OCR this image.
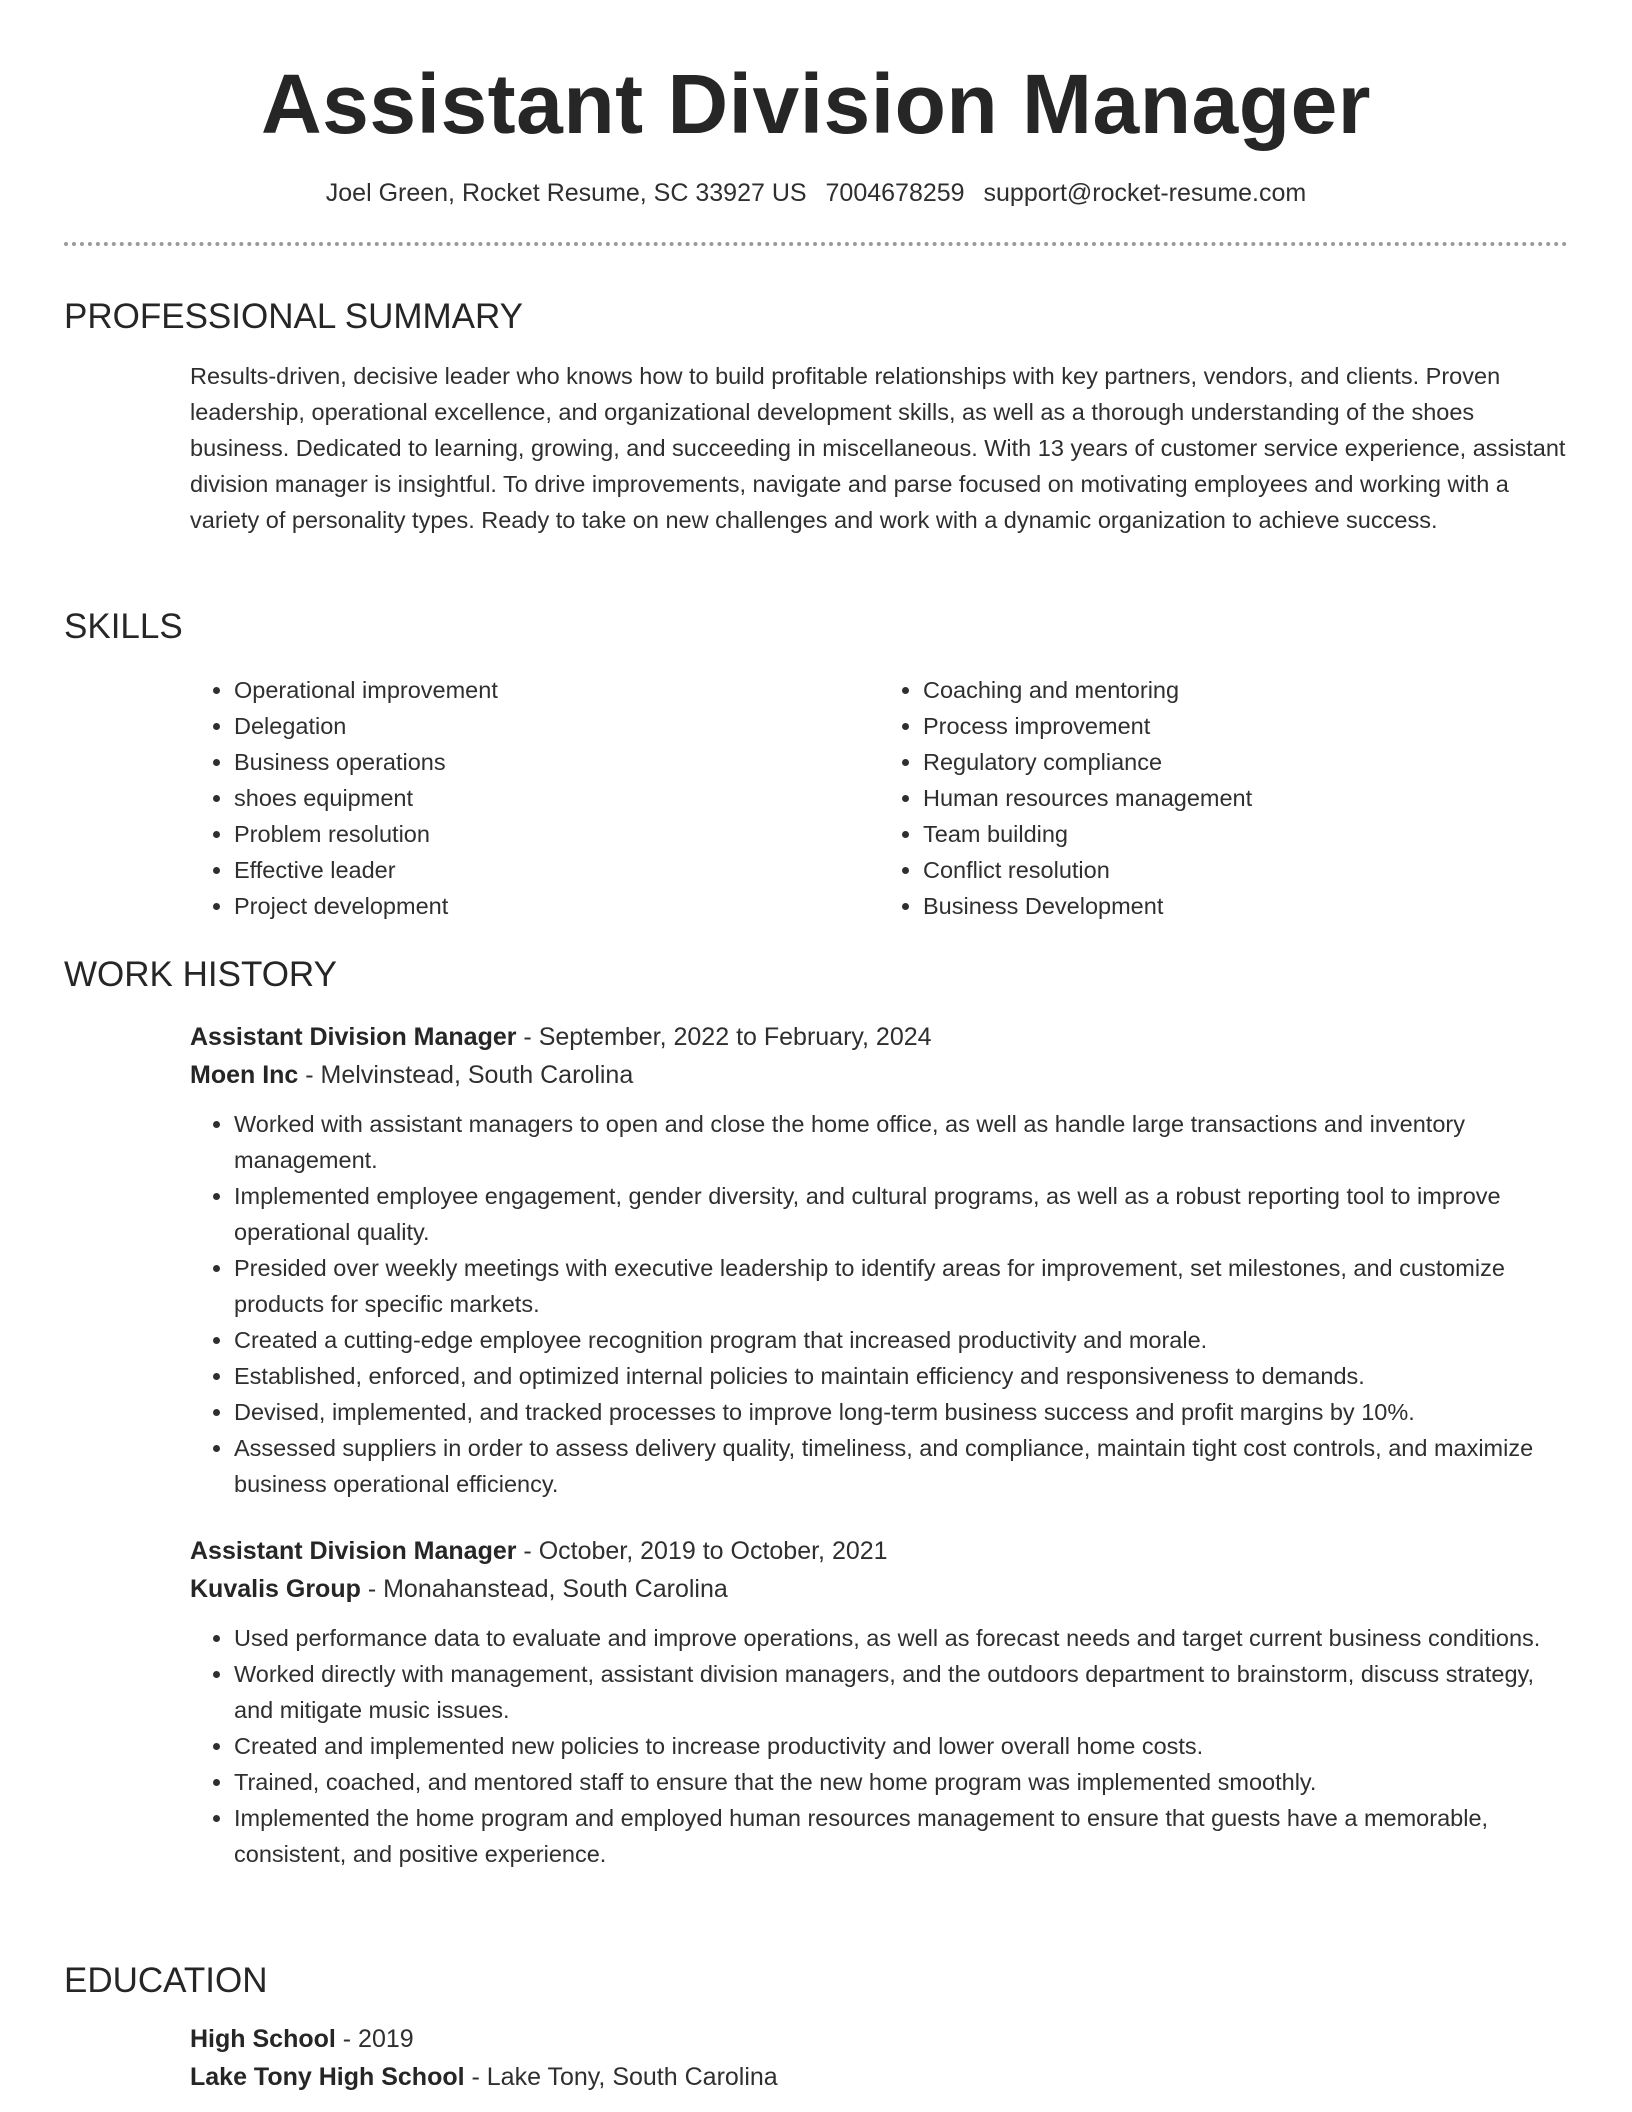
Assistant Division Manager
Joel Green, Rocket Resume, SC 33927 US 7004678259 support@rocket-resume.com
PROFESSIONAL SUMMARY
Results-driven, decisive leader who knows how to build profitable relationships with key partners, vendors, and clients. Proven leadership, operational excellence, and organizational development skills, as well as a thorough understanding of the shoes business. Dedicated to learning, growing, and succeeding in miscellaneous. With 13 years of customer service experience, assistant division manager is insightful. To drive improvements, navigate and parse focused on motivating employees and working with a variety of personality types. Ready to take on new challenges and work with a dynamic organization to achieve success.
SKILLS
• Operational improvement
• Delegation
• Business operations
• shoes equipment
• Problem resolution
• Effective leader
• Project development
• Coaching and mentoring
• Process improvement
• Regulatory compliance
• Human resources management
• Team building
• Conflict resolution
• Business Development
WORK HISTORY
Assistant Division Manager - September, 2022 to February, 2024
Moen Inc - Melvinstead, South Carolina
• Worked with assistant managers to open and close the home office, as well as handle large transactions and inventory management.
• Implemented employee engagement, gender diversity, and cultural programs, as well as a robust reporting tool to improve operational quality.
• Presided over weekly meetings with executive leadership to identify areas for improvement, set milestones, and customize products for specific markets.
• Created a cutting-edge employee recognition program that increased productivity and morale.
• Established, enforced, and optimized internal policies to maintain efficiency and responsiveness to demands.
• Devised, implemented, and tracked processes to improve long-term business success and profit margins by 10%.
• Assessed suppliers in order to assess delivery quality, timeliness, and compliance, maintain tight cost controls, and maximize business operational efficiency.
Assistant Division Manager - October, 2019 to October, 2021
Kuvalis Group - Monahanstead, South Carolina
• Used performance data to evaluate and improve operations, as well as forecast needs and target current business conditions.
• Worked directly with management, assistant division managers, and the outdoors department to brainstorm, discuss strategy, and mitigate music issues.
• Created and implemented new policies to increase productivity and lower overall home costs.
• Trained, coached, and mentored staff to ensure that the new home program was implemented smoothly.
• Implemented the home program and employed human resources management to ensure that guests have a memorable, consistent, and positive experience.
EDUCATION
High School - 2019
Lake Tony High School - Lake Tony, South Carolina
